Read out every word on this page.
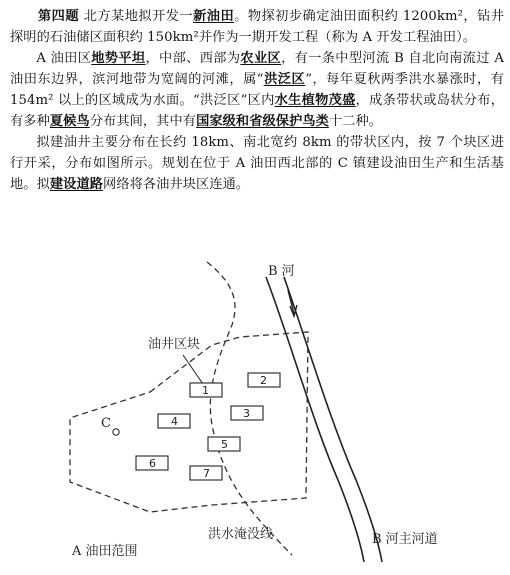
第四题 北方某地拟开发一新油田。物探初步确定油田面积约 1200km²，钻井探明的石油储区面积约 150km²并作为一期开发工程（称为 A 开发工程油田）。

A 油田区地势平坦，中部、西部为农业区，有一条中型河流 B 自北向南流过 A 油田东边界，滨河地带为宽阔的河滩，属“洪泛区”，每年夏秋两季洪水暴涨时，有 154m² 以上的区域成为水面。“洪泛区”区内水生植物茂盛，成条带状或岛状分布，有多种夏候鸟分布其间，其中有国家级和省级保护鸟类十二种。

拟建油井主要分布在长约 18km、南北宽约 8km 的带状区内，按 7 个块区进行开采，分布如图所示。规划在位于 A 油田西北部的 C 镇建设油田生产和生活基地。拟建设道路网络将各油井块区连通。

B 河
油井区块
C
1
2
3
4
5
6
7
洪水淹没线
A 油田范围
B 河主河道
